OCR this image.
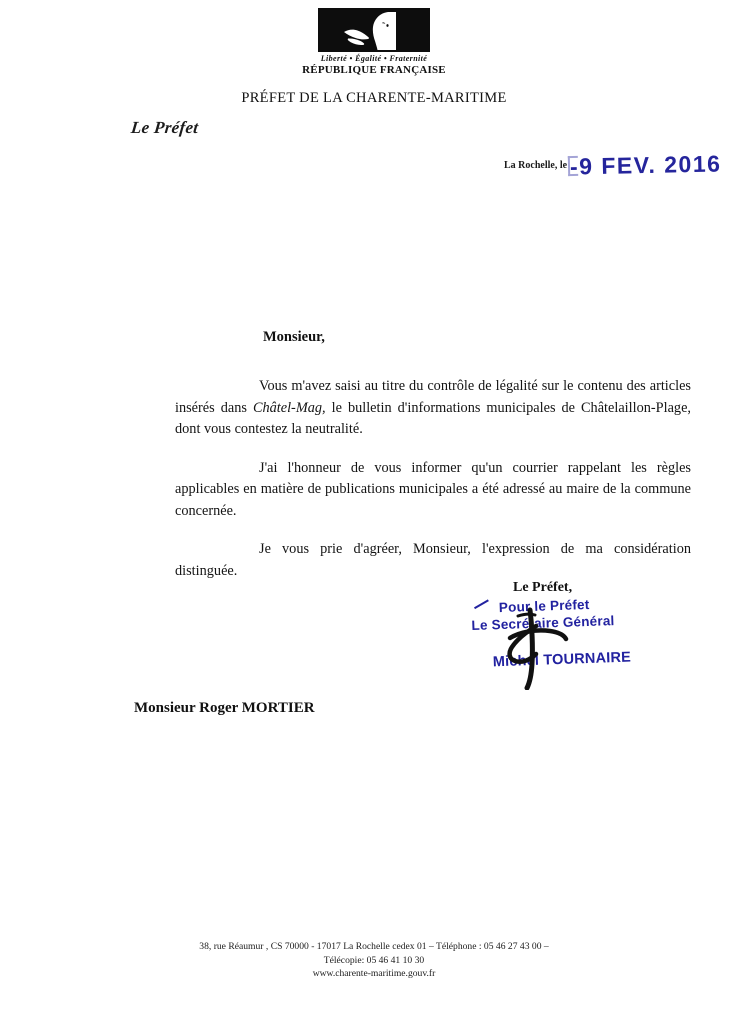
Liberté • Égalité • Fraternité
RÉPUBLIQUE FRANÇAISE
PRÉFET DE LA CHARENTE-MARITIME
Le Préfet
La Rochelle, le -9 FEV. 2016
Monsieur,

Vous m'avez saisi au titre du contrôle de légalité sur le contenu des articles insérés dans Châtel-Mag, le bulletin d'informations municipales de Châtelaillon-Plage, dont vous contestez la neutralité.

J'ai l'honneur de vous informer qu'un courrier rappelant les règles applicables en matière de publications municipales a été adressé au maire de la commune concernée.

Je vous prie d'agréer, Monsieur, l'expression de ma considération distinguée.

Le Préfet,
Pour le Préfet
Le Secrétaire Général
Michel TOURNAIRE
Monsieur Roger MORTIER
38, rue Réaumur , CS 70000 - 17017 La Rochelle cedex 01 – Téléphone : 05 46 27 43 00 –
Télécopie: 05 46 41 10 30
www.charente-maritime.gouv.fr
